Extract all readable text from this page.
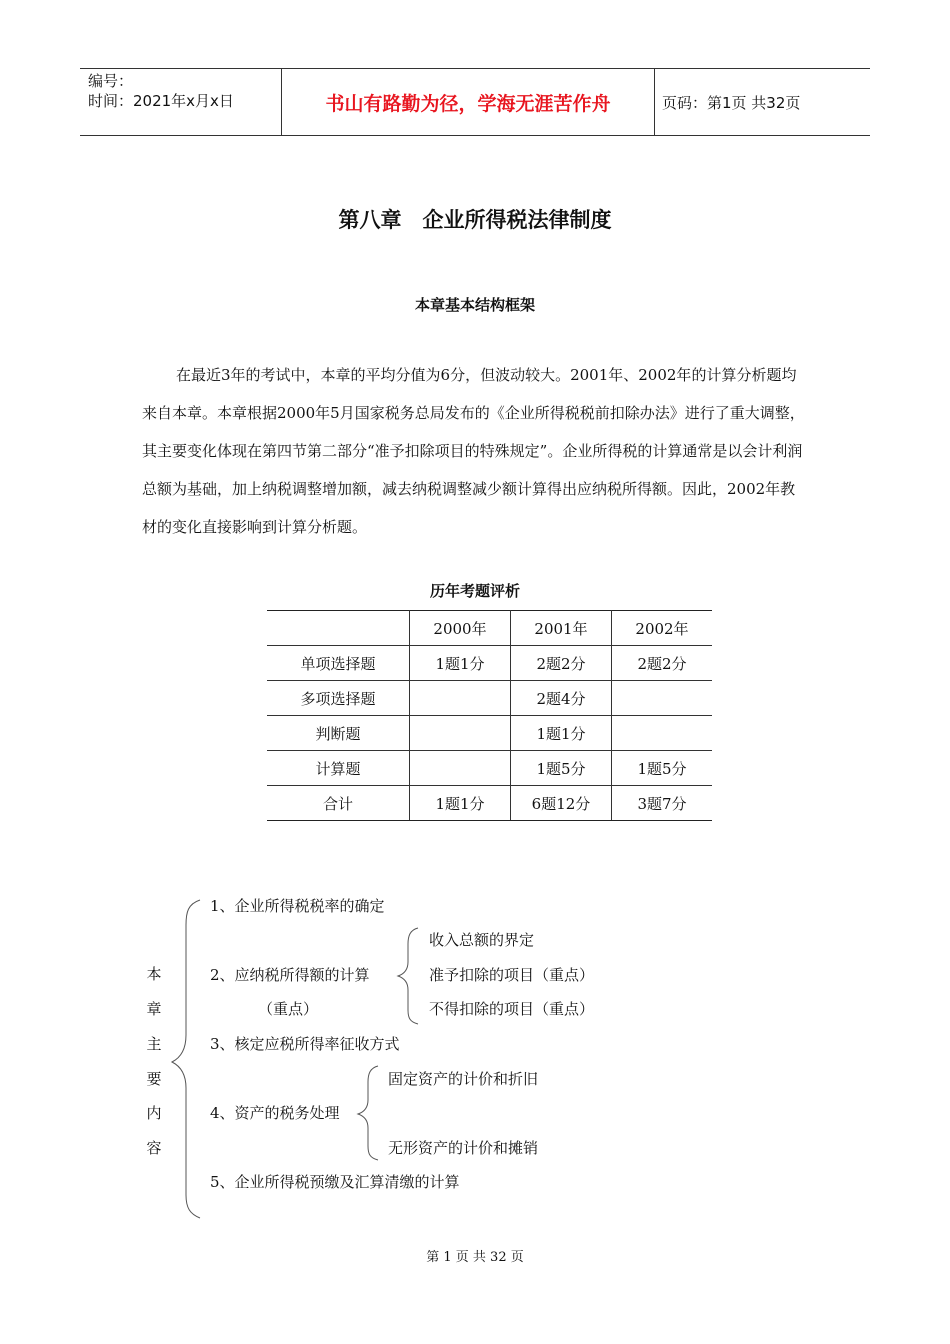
编号：
时间：2021年x月x日	书山有路勤为径，学海无涯苦作舟	页码：第1页 共32页
第八章　企业所得税法律制度
本章基本结构框架

在最近3年的考试中，本章的平均分值为6分，但波动较大。2001年、2002年的计算分析题均来自本章。本章根据2000年5月国家税务总局发布的《企业所得税税前扣除办法》进行了重大调整，其主要变化体现在第四节第二部分“准予扣除项目的特殊规定”。企业所得税的计算通常是以会计利润总额为基础，加上纳税调整增加额，减去纳税调整减少额计算得出应纳税所得额。因此，2002年教材的变化直接影响到计算分析题。

历年考题评析
	2000年	2001年	2002年
单项选择题	1题1分	2题2分	2题2分
多项选择题		2题4分	
判断题		1题1分	
计算题		1题5分	1题5分
合计	1题1分	6题12分	3题7分
本
章
主
要
内
容
1、企业所得税税率的确定
2、应纳税所得额的计算
（重点）
收入总额的界定
准予扣除的项目（重点）
不得扣除的项目（重点）
3、核定应税所得率征收方式
固定资产的计价和折旧
4、资产的税务处理
无形资产的计价和摊销
5、企业所得税预缴及汇算清缴的计算
第 1 页 共 32 页
